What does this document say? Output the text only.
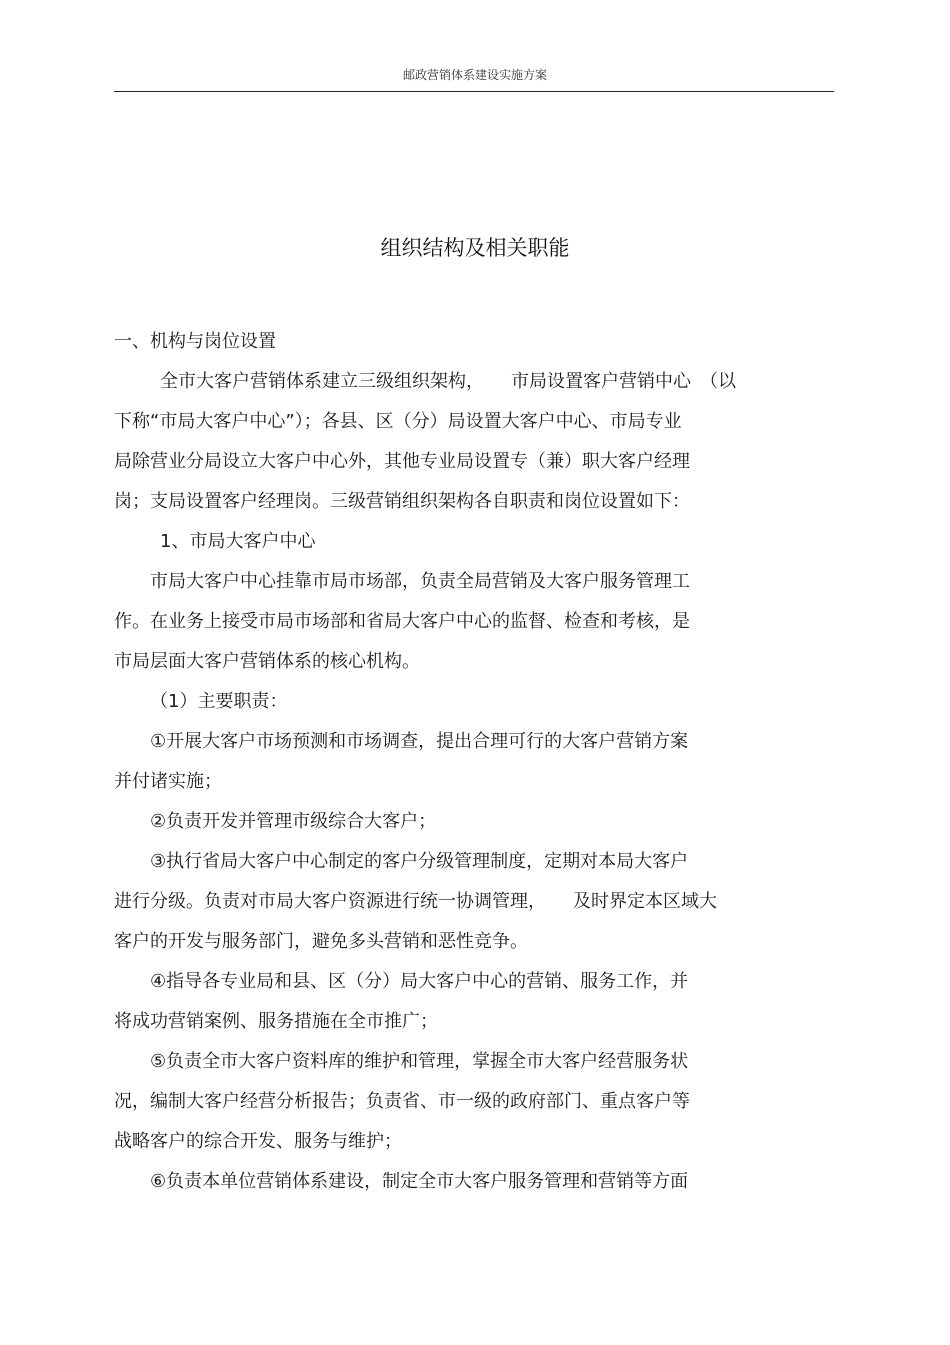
邮政营销体系建设实施方案
组织结构及相关职能
一、机构与岗位设置
全市大客户营销体系建立三级组织架构，　　市局设置客户营销中心　（以
下称“市局大客户中心”）；各县、区（分）局设置大客户中心、市局专业
局除营业分局设立大客户中心外，其他专业局设置专（兼）职大客户经理
岗；支局设置客户经理岗。三级营销组织架构各自职责和岗位设置如下：
1、市局大客户中心
市局大客户中心挂靠市局市场部，负责全局营销及大客户服务管理工
作。在业务上接受市局市场部和省局大客户中心的监督、检查和考核，是
市局层面大客户营销体系的核心机构。
（1）主要职责：
①开展大客户市场预测和市场调查，提出合理可行的大客户营销方案
并付诸实施；
②负责开发并管理市级综合大客户；
③执行省局大客户中心制定的客户分级管理制度，定期对本局大客户
进行分级。负责对市局大客户资源进行统一协调管理，　　及时界定本区域大
客户的开发与服务部门，避免多头营销和恶性竞争。
④指导各专业局和县、区（分）局大客户中心的营销、服务工作，并
将成功营销案例、服务措施在全市推广；
⑤负责全市大客户资料库的维护和管理，掌握全市大客户经营服务状
况，编制大客户经营分析报告；负责省、市一级的政府部门、重点客户等
战略客户的综合开发、服务与维护；
⑥负责本单位营销体系建设，制定全市大客户服务管理和营销等方面
